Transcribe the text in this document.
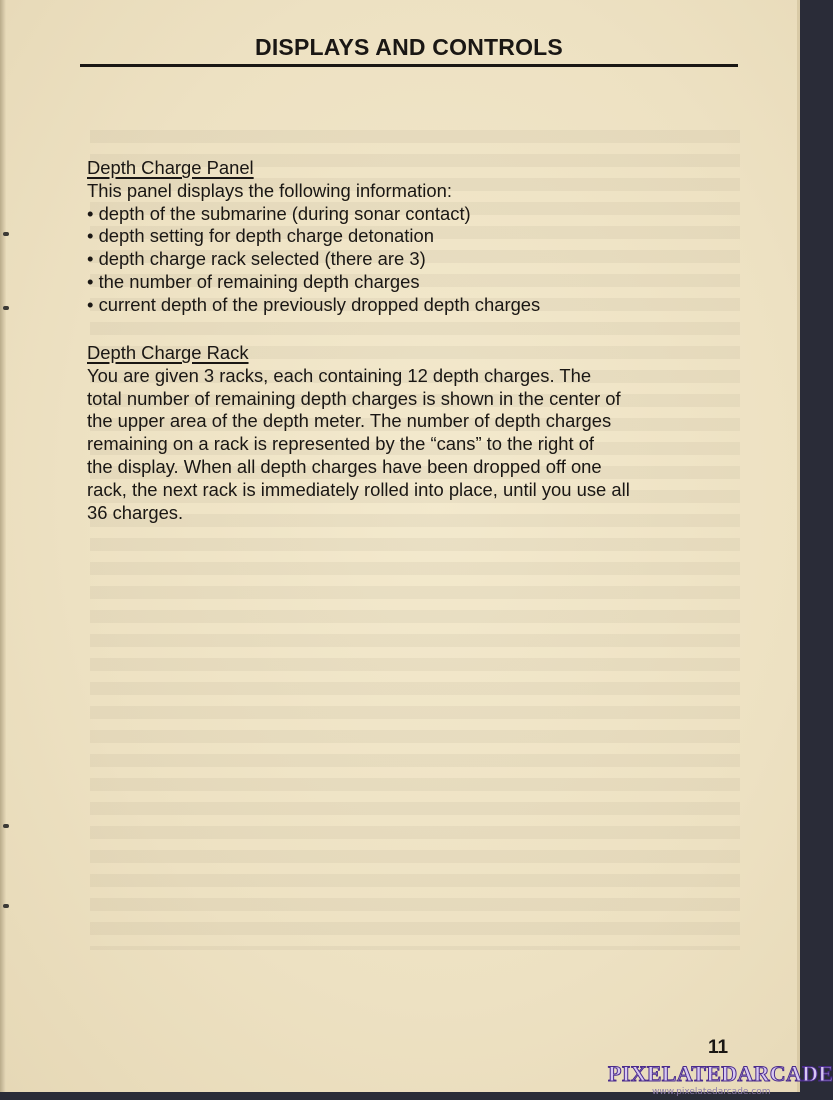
DISPLAYS AND CONTROLS
Depth Charge Panel

This panel displays the following information:

• depth of the submarine (during sonar contact)
• depth setting for depth charge detonation
• depth charge rack selected (there are 3)
• the number of remaining depth charges
• current depth of the previously dropped depth charges
Depth Charge Rack

You are given 3 racks, each containing 12 depth charges. The

total number of remaining depth charges is shown in the center of

the upper area of the depth meter. The number of depth charges

remaining on a rack is represented by the “cans” to the right of

the display. When all depth charges have been dropped off one

rack, the next rack is immediately rolled into place, until you use all

36 charges.

11
PIXELATEDARCADE
www.pixelatedarcade.com
